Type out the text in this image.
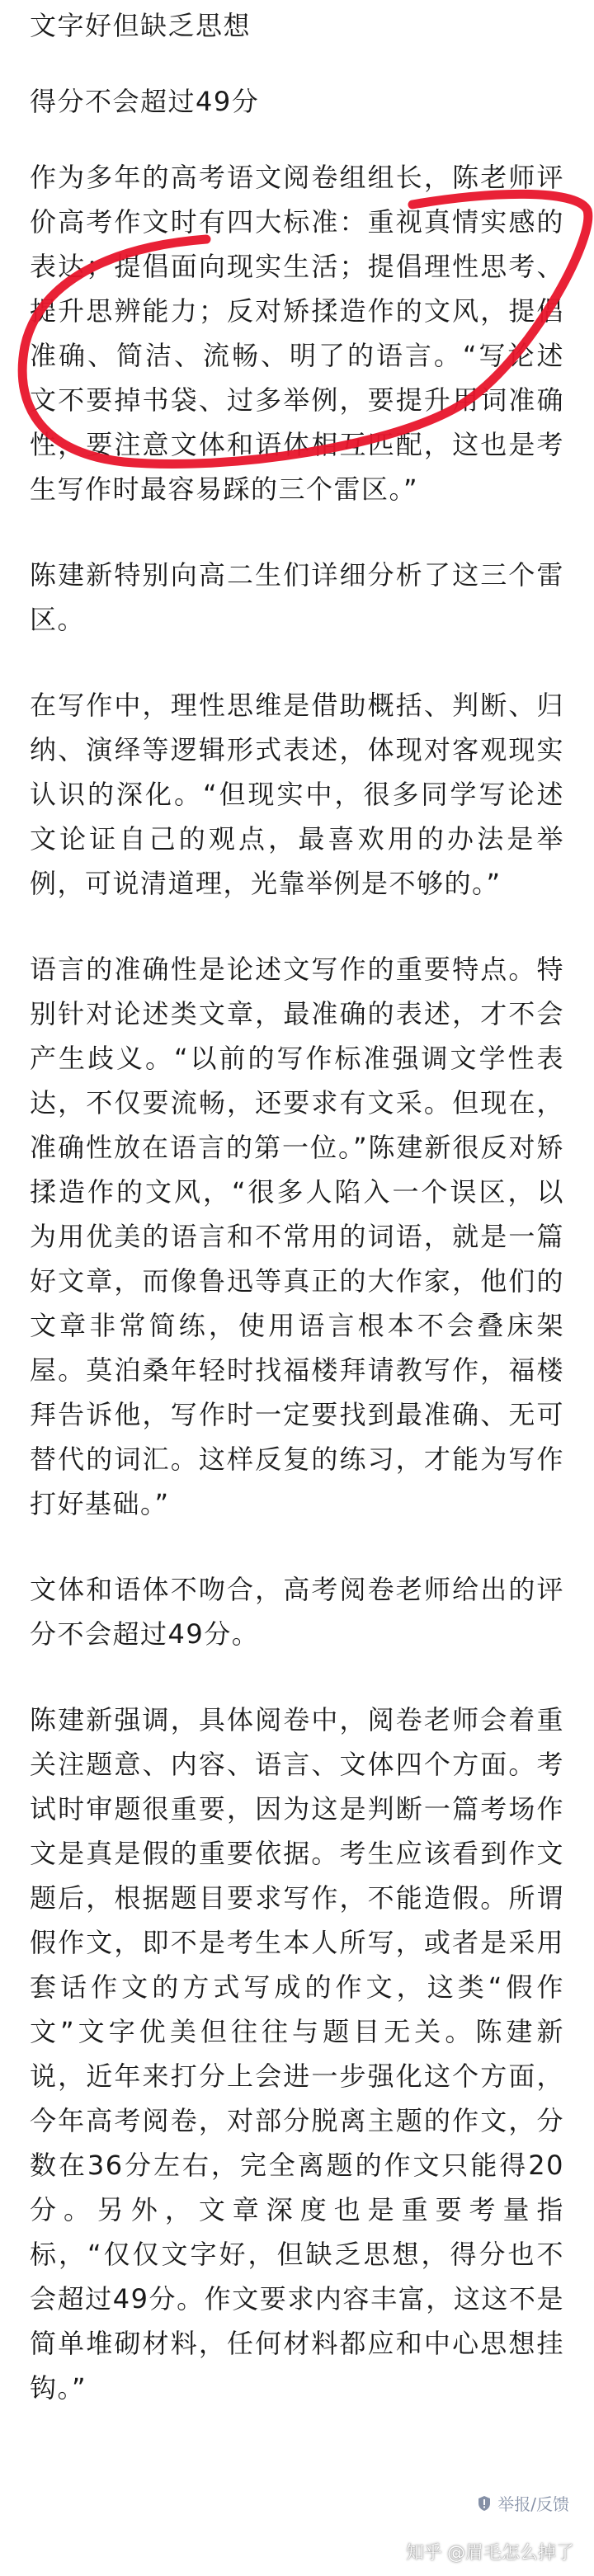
文字好但缺乏思想

得分不会超过49分

作为多年的高考语文阅卷组组长，陈老师评价高考作文时有四大标准：重视真情实感的表达；提倡面向现实生活；提倡理性思考、提升思辨能力；反对矫揉造作的文风，提倡准确、简洁、流畅、明了的语言。“写论述文不要掉书袋、过多举例，要提升用词准确性，要注意文体和语体相互匹配，这也是考生写作时最容易踩的三个雷区。”

陈建新特别向高二生们详细分析了这三个雷区。

在写作中，理性思维是借助概括、判断、归纳、演绎等逻辑形式表述，体现对客观现实认识的深化。“但现实中，很多同学写论述文论证自己的观点，最喜欢用的办法是举例，可说清道理，光靠举例是不够的。”

语言的准确性是论述文写作的重要特点。特别针对论述类文章，最准确的表述，才不会产生歧义。“以前的写作标准强调文学性表达，不仅要流畅，还要求有文采。但现在，准确性放在语言的第一位。”陈建新很反对矫揉造作的文风，“很多人陷入一个误区，以为用优美的语言和不常用的词语，就是一篇好文章，而像鲁迅等真正的大作家，他们的文章非常简练，使用语言根本不会叠床架屋。莫泊桑年轻时找福楼拜请教写作，福楼拜告诉他，写作时一定要找到最准确、无可替代的词汇。这样反复的练习，才能为写作打好基础。”

文体和语体不吻合，高考阅卷老师给出的评分不会超过49分。

陈建新强调，具体阅卷中，阅卷老师会着重关注题意、内容、语言、文体四个方面。考试时审题很重要，因为这是判断一篇考场作文是真是假的重要依据。考生应该看到作文题后，根据题目要求写作，不能造假。所谓假作文，即不是考生本人所写，或者是采用套话作文的方式写成的作文，这类“假作文”文字优美但往往与题目无关。陈建新说，近年来打分上会进一步强化这个方面，今年高考阅卷，对部分脱离主题的作文，分数在36分左右，完全离题的作文只能得20分。另外，文章深度也是重要考量指标，“仅仅文字好，但缺乏思想，得分也不会超过49分。作文要求内容丰富，这这不是简单堆砌材料，任何材料都应和中心思想挂钩。”

举报/反馈
知乎 @眉毛怎么掉了
